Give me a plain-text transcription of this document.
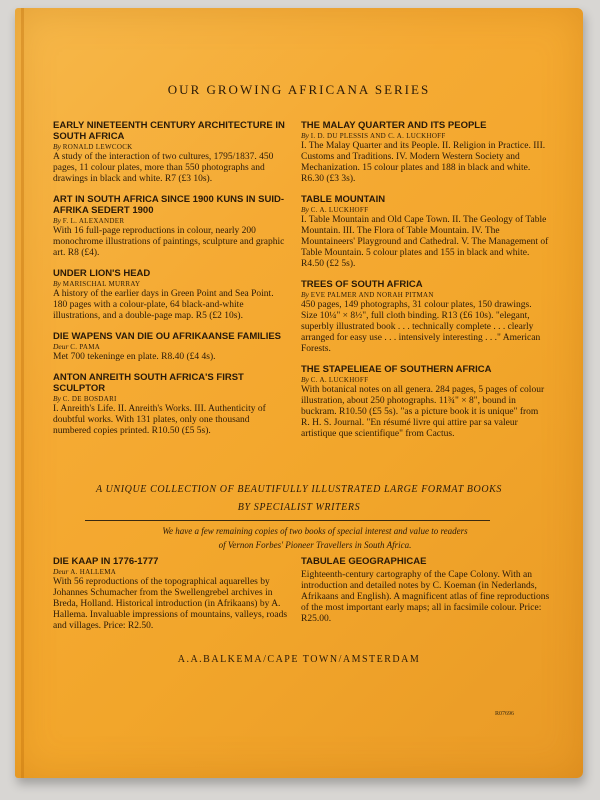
OUR GROWING AFRICANA SERIES
EARLY NINETEENTH CENTURY ARCHITECTURE IN SOUTH AFRICA
By RONALD LEWCOCK
A study of the interaction of two cultures, 1795/1837. 450 pages, 11 colour plates, more than 550 photographs and drawings in black and white. R7 (£3 10s).
ART IN SOUTH AFRICA SINCE 1900 KUNS IN SUID-AFRIKA SEDERT 1900
By F. L. ALEXANDER
With 16 full-page reproductions in colour, nearly 200 monochrome illustrations of paintings, sculpture and graphic art. R8 (£4).
UNDER LION'S HEAD
By MARISCHAL MURRAY
A history of the earlier days in Green Point and Sea Point. 180 pages with a colour-plate, 64 black-and-white illustrations, and a double-page map. R5 (£2 10s).
DIE WAPENS VAN DIE OU AFRIKAANSE FAMILIES
Deur C. PAMA
Met 700 tekeninge en plate. R8.40 (£4 4s).
ANTON ANREITH SOUTH AFRICA'S FIRST SCULPTOR
By C. DE BOSDARI
I. Anreith's Life. II. Anreith's Works. III. Authenticity of doubtful works. With 131 plates, only one thousand numbered copies printed. R10.50 (£5 5s).
THE MALAY QUARTER AND ITS PEOPLE
By I. D. DU PLESSIS AND C. A. LUCKHOFF
I. The Malay Quarter and its People. II. Religion in Practice. III. Customs and Traditions. IV. Modern Western Society and Mechanization. 15 colour plates and 188 in black and white. R6.30 (£3 3s).
TABLE MOUNTAIN
By C. A. LUCKHOFF
I. Table Mountain and Old Cape Town. II. The Geology of Table Mountain. III. The Flora of Table Mountain. IV. The Mountaineers' Playground and Cathedral. V. The Management of Table Mountain. 5 colour plates and 155 in black and white. R4.50 (£2 5s).
TREES OF SOUTH AFRICA
By EVE PALMER AND NORAH PITMAN
450 pages, 149 photographs, 31 colour plates, 150 drawings. Size 10¼" × 8½", full cloth binding. R13 (£6 10s). "elegant, superbly illustrated book . . . technically complete . . . clearly arranged for easy use . . . intensively interesting . . ." American Forests.
THE STAPELIEAE OF SOUTHERN AFRICA
By C. A. LUCKHOFF
With botanical notes on all genera. 284 pages, 5 pages of colour illustration, about 250 photographs. 11¾" × 8", bound in buckram. R10.50 (£5 5s). "as a picture book it is unique" from R. H. S. Journal. "En résumé livre qui attire par sa valeur artistique que scientifique" from Cactus.
A UNIQUE COLLECTION OF BEAUTIFULLY ILLUSTRATED LARGE FORMAT BOOKS
BY SPECIALIST WRITERS
We have a few remaining copies of two books of special interest and value to readers
of Vernon Forbes' Pioneer Travellers in South Africa.
DIE KAAP IN 1776-1777
Deur A. HALLEMA
With 56 reproductions of the topographical aquarelles by Johannes Schumacher from the Swellengrebel archives in Breda, Holland. Historical introduction (in Afrikaans) by A. Hallema. Invaluable impressions of mountains, valleys, roads and villages. Price: R2.50.
TABULAE GEOGRAPHICAE
Eighteenth-century cartography of the Cape Colony. With an introduction and detailed notes by C. Koeman (in Nederlands, Afrikaans and English). A magnificent atlas of fine reproductions of the most important early maps; all in facsimile colour. Price: R25.00.
A.A.BALKEMA/CAPE TOWN/AMSTERDAM
R07696
